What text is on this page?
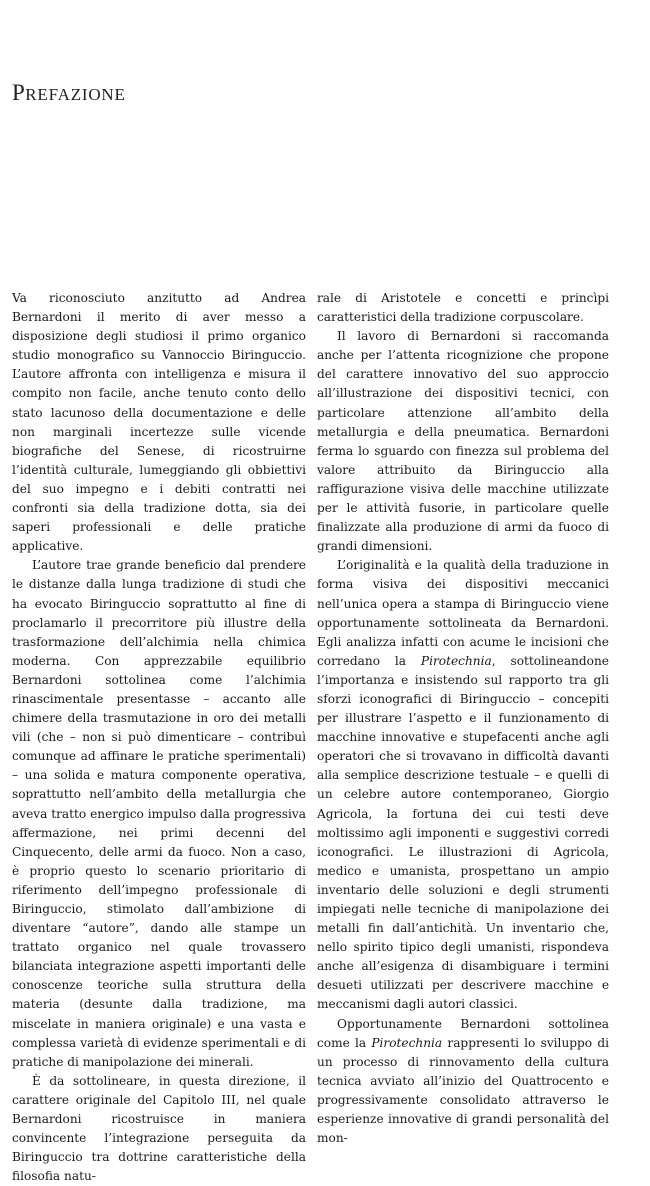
PREFAZIONE

Va riconosciuto anzitutto ad Andrea Bernardoni il merito di aver messo a disposizione degli studiosi il primo organico studio monografico su Vannoccio Biringuccio. L’autore affronta con intelligenza e misura il compito non facile, anche tenuto conto dello stato lacunoso della documentazione e delle non marginali incertezze sulle vicende biografiche del Senese, di ricostruirne l’identità culturale, lumeggiando gli obbiettivi del suo impegno e i debiti contratti nei confronti sia della tradizione dotta, sia dei saperi professionali e delle pratiche applicative.

L’autore trae grande beneficio dal prendere le distanze dalla lunga tradizione di studi che ha evocato Biringuccio soprattutto al fine di proclamarlo il precorritore più illustre della trasformazione dell’alchimia nella chimica moderna. Con apprezzabile equilibrio Bernardoni sottolinea come l’alchimia rinascimentale presentasse – accanto alle chimere della trasmutazione in oro dei metalli vili (che – non si può dimenticare – contribuì comunque ad affinare le pratiche sperimentali) – una solida e matura componente operativa, soprattutto nell’ambito della metallurgia che aveva tratto energico impulso dalla progressiva affermazione, nei primi decenni del Cinquecento, delle armi da fuoco. Non a caso, è proprio questo lo scenario prioritario di riferimento dell’impegno professionale di Biringuccio, stimolato dall’ambizione di diventare “autore”, dando alle stampe un trattato organico nel quale trovassero bilanciata integrazione aspetti importanti delle conoscenze teoriche sulla struttura della materia (desunte dalla tradizione, ma miscelate in maniera originale) e una vasta e complessa varietà di evidenze sperimentali e di pratiche di manipolazione dei minerali.

È da sottolineare, in questa direzione, il carattere originale del Capitolo III, nel quale Bernardoni ricostruisce in maniera convincente l’integrazione perseguita da Biringuccio tra dottrine caratteristiche della filosofia natu-

rale di Aristotele e concetti e princìpi caratteristici della tradizione corpuscolare.

Il lavoro di Bernardoni si raccomanda anche per l’attenta ricognizione che propone del carattere innovativo del suo approccio all’illustrazione dei dispositivi tecnici, con particolare attenzione all’ambito della metallurgia e della pneumatica. Bernardoni ferma lo sguardo con finezza sul problema del valore attribuito da Biringuccio alla raffigurazione visiva delle macchine utilizzate per le attività fusorie, in particolare quelle finalizzate alla produzione di armi da fuoco di grandi dimensioni.

L’originalità e la qualità della traduzione in forma visiva dei dispositivi meccanici nell’unica opera a stampa di Biringuccio viene opportunamente sottolineata da Bernardoni. Egli analizza infatti con acume le incisioni che corredano la Pirotechnia, sottolineandone l’importanza e insistendo sul rapporto tra gli sforzi iconografici di Biringuccio – concepiti per illustrare l’aspetto e il funzionamento di macchine innovative e stupefacenti anche agli operatori che si trovavano in difficoltà davanti alla semplice descrizione testuale – e quelli di un celebre autore contemporaneo, Giorgio Agricola, la fortuna dei cui testi deve moltissimo agli imponenti e suggestivi corredi iconografici. Le illustrazioni di Agricola, medico e umanista, prospettano un ampio inventario delle soluzioni e degli strumenti impiegati nelle tecniche di manipolazione dei metalli fin dall’antichità. Un inventario che, nello spirito tipico degli umanisti, rispondeva anche all’esigenza di disambiguare i termini desueti utilizzati per descrivere macchine e meccanismi dagli autori classici.

Opportunamente Bernardoni sottolinea come la Pirotechnia rappresenti lo sviluppo di un processo di rinnovamento della cultura tecnica avviato all’inizio del Quattrocento e progressivamente consolidato attraverso le esperienze innovative di grandi personalità del mon-
